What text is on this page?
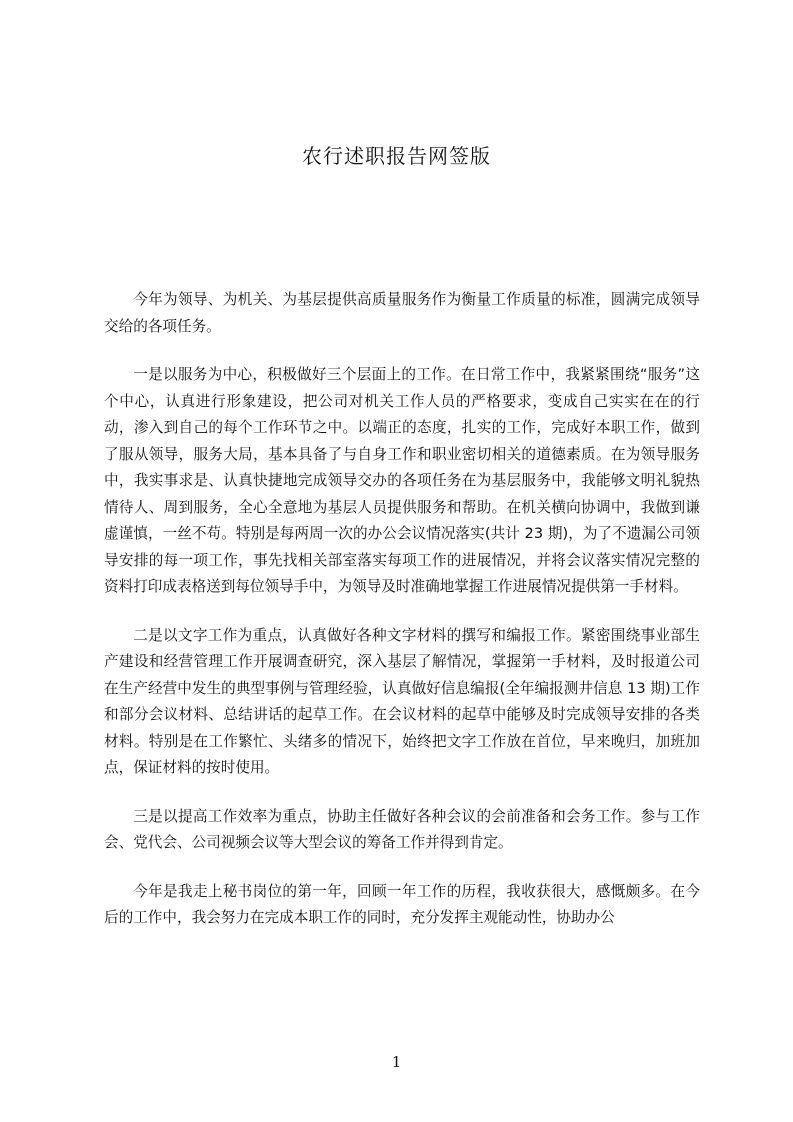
农行述职报告网签版

今年为领导、为机关、为基层提供高质量服务作为衡量工作质量的标准，圆满完成领导交给的各项任务。

一是以服务为中心，积极做好三个层面上的工作。在日常工作中，我紧紧围绕“服务”这个中心，认真进行形象建设，把公司对机关工作人员的严格要求，变成自己实实在在的行动，渗入到自己的每个工作环节之中。以端正的态度，扎实的工作，完成好本职工作，做到了服从领导，服务大局，基本具备了与自身工作和职业密切相关的道德素质。在为领导服务中，我实事求是、认真快捷地完成领导交办的各项任务在为基层服务中，我能够文明礼貌热情待人、周到服务，全心全意地为基层人员提供服务和帮助。在机关横向协调中，我做到谦虚谨慎，一丝不苟。特别是每两周一次的办公会议情况落实(共计 23 期)，为了不遗漏公司领导安排的每一项工作，事先找相关部室落实每项工作的进展情况，并将会议落实情况完整的资料打印成表格送到每位领导手中，为领导及时准确地掌握工作进展情况提供第一手材料。

二是以文字工作为重点，认真做好各种文字材料的撰写和编报工作。紧密围绕事业部生产建设和经营管理工作开展调查研究，深入基层了解情况，掌握第一手材料，及时报道公司在生产经营中发生的典型事例与管理经验，认真做好信息编报(全年编报测井信息 13 期)工作和部分会议材料、总结讲话的起草工作。在会议材料的起草中能够及时完成领导安排的各类材料。特别是在工作繁忙、头绪多的情况下，始终把文字工作放在首位，早来晚归，加班加点，保证材料的按时使用。

三是以提高工作效率为重点，协助主任做好各种会议的会前准备和会务工作。参与工作会、党代会、公司视频会议等大型会议的筹备工作并得到肯定。

今年是我走上秘书岗位的第一年，回顾一年工作的历程，我收获很大，感慨颇多。在今后的工作中，我会努力在完成本职工作的同时，充分发挥主观能动性，协助办公

1
